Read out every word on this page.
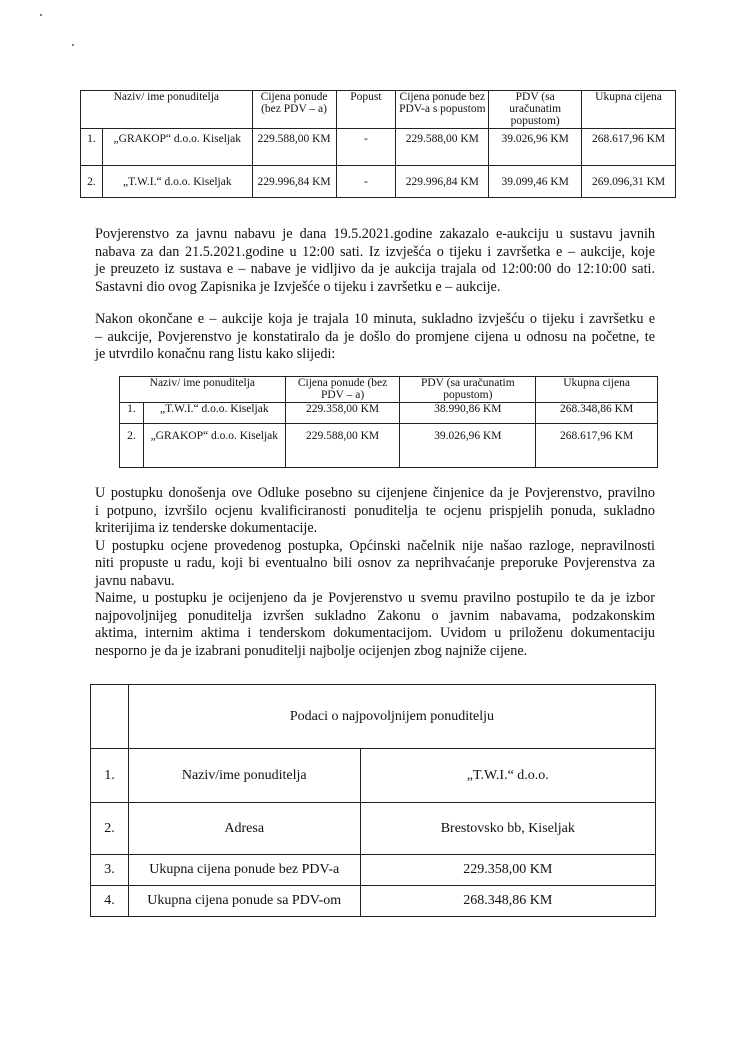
Naziv/ ime ponuditelja		Cijena ponude (bez PDV – a)	Popust	Cijena ponude bez PDV-a s popustom	PDV (sa uračunatim popustom)	Ukupna cijena
1.	„GRAKOP“ d.o.o. Kiseljak	229.588,00 KM	-	229.588,00 KM	39.026,96 KM	268.617,96 KM
2.	„T.W.I.“ d.o.o. Kiseljak	229.996,84 KM	-	229.996,84 KM	39.099,46 KM	269.096,31 KM

Povjerenstvo za javnu nabavu je dana 19.5.2021.godine zakazalo e-aukciju u sustavu javnih
nabava za dan 21.5.2021.godine u 12:00 sati. Iz izvješća o tijeku i završetka e – aukcije, koje
je preuzeto iz sustava e – nabave je vidljivo da je aukcija trajala od 12:00:00 do 12:10:00 sati.
Sastavni dio ovog Zapisnika je Izvješće o tijeku i završetku e – aukcije.

Nakon okončane e – aukcije koja je trajala 10 minuta, sukladno izvješću o tijeku i završetku e
– aukcije, Povjerenstvo je konstatiralo da je došlo do promjene cijena u odnosu na početne, te
je utvrdilo konačnu rang listu kako slijedi:

Naziv/ ime ponuditelja		Cijena ponude (bez PDV – a)	PDV (sa uračunatim popustom)	Ukupna cijena
1.	„T.W.I.“ d.o.o. Kiseljak	229.358,00 KM	38.990,86 KM	268.348,86 KM
2.	„GRAKOP“ d.o.o. Kiseljak	229.588,00 KM	39.026,96 KM	268.617,96 KM

U postupku donošenja ove Odluke posebno su cijenjene činjenice da je Povjerenstvo, pravilno
i potpuno, izvršilo ocjenu kvalificiranosti ponuditelja te ocjenu prispjelih ponuda, sukladno
kriterijima iz tenderske dokumentacije.
U postupku ocjene provedenog postupka, Općinski načelnik nije našao razloge, nepravilnosti
niti propuste u radu, koji bi eventualno bili osnov za neprihvaćanje preporuke Povjerenstva za
javnu nabavu.
Naime, u postupku je ocijenjeno da je Povjerenstvo u svemu pravilno postupilo te da je izbor
najpovoljnijeg ponuditelja izvršen sukladno Zakonu o javnim nabavama, podzakonskim
aktima, internim aktima i tenderskom dokumentacijom. Uvidom u priloženu dokumentaciju
nesporno je da je izabrani ponuditelji najbolje ocijenjen zbog najniže cijene.

	Podaci o najpovoljnijem ponuditelju	
1.	Naziv/ime ponuditelja	„T.W.I.“ d.o.o.
2.	Adresa	Brestovsko bb, Kiseljak
3.	Ukupna cijena ponude bez PDV-a	229.358,00 KM
4.	Ukupna cijena ponude sa PDV-om	268.348,86 KM
